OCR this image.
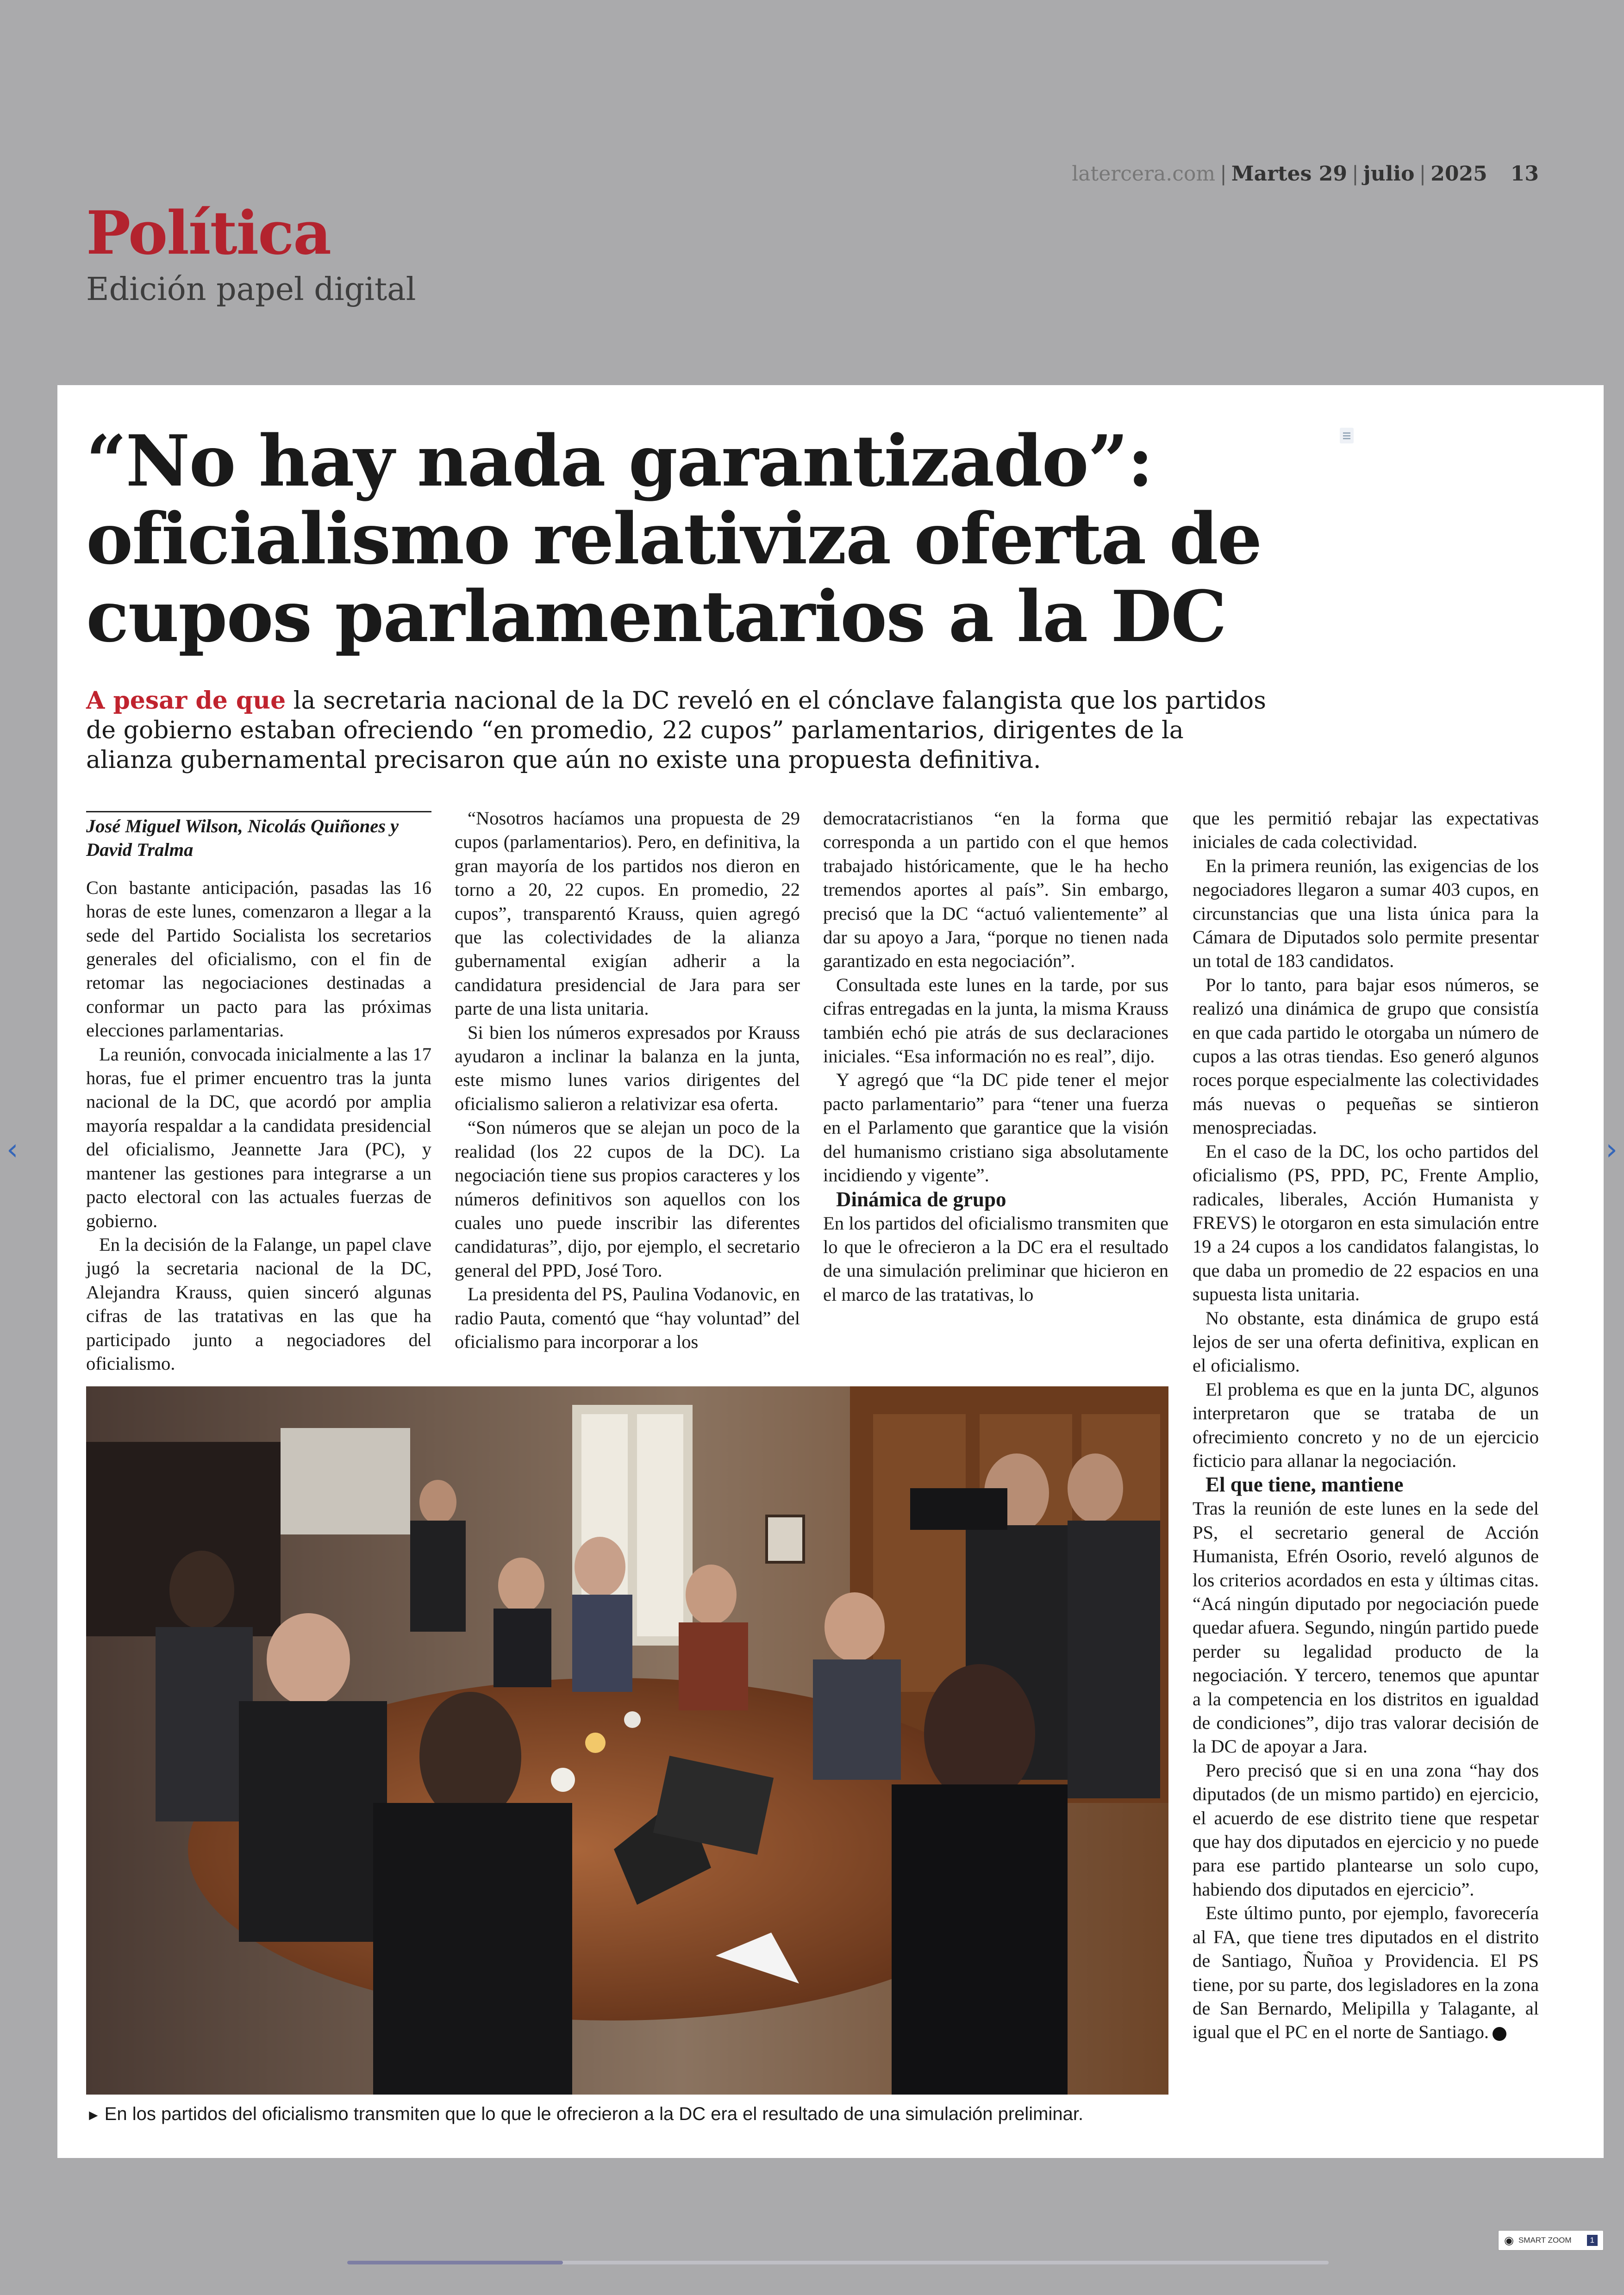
latercera.com | Martes 29 | julio | 2025 13
Política
Edición papel digital
“No hay nada garantizado”: oficialismo relativiza oferta de cupos parlamentarios a la DC

A pesar de que la secretaria nacional de la DC reveló en el cónclave falangista que los partidos de gobierno estaban ofreciendo “en promedio, 22 cupos” parlamentarios, dirigentes de la alianza gubernamental precisaron que aún no existe una propuesta definitiva.

José Miguel Wilson, Nicolás Quiñones y David Tralma

Con bastante anticipación, pasadas las 16 horas de este lunes, comenzaron a llegar a la sede del Partido Socialista los secretarios generales del oficialismo, con el fin de retomar las negociaciones destinadas a conformar un pacto para las próximas elecciones parlamentarias.

La reunión, convocada inicialmente a las 17 horas, fue el primer encuentro tras la junta nacional de la DC, que acordó por amplia mayoría respaldar a la candidata presidencial del oficialismo, Jeannette Jara (PC), y mantener las gestiones para integrarse a un pacto electoral con las actuales fuerzas de gobierno.

En la decisión de la Falange, un papel clave jugó la secretaria nacional de la DC, Alejandra Krauss, quien sinceró algunas cifras de las tratativas en las que ha participado junto a negociadores del oficialismo.

“Nosotros hacíamos una propuesta de 29 cupos (parlamentarios). Pero, en definitiva, la gran mayoría de los partidos nos dieron en torno a 20, 22 cupos. En promedio, 22 cupos”, transparentó Krauss, quien agregó que las colectividades de la alianza gubernamental exigían adherir a la candidatura presidencial de Jara para ser parte de una lista unitaria.

Si bien los números expresados por Krauss ayudaron a inclinar la balanza en la junta, este mismo lunes varios dirigentes del oficialismo salieron a relativizar esa oferta.

“Son números que se alejan un poco de la realidad (los 22 cupos de la DC). La negociación tiene sus propios caracteres y los números definitivos son aquellos con los cuales uno puede inscribir las diferentes candidaturas”, dijo, por ejemplo, el secretario general del PPD, José Toro.

La presidenta del PS, Paulina Vodanovic, en radio Pauta, comentó que “hay voluntad” del oficialismo para incorporar a los

democratacristianos “en la forma que corresponda a un partido con el que hemos trabajado históricamente, que le ha hecho tremendos aportes al país”. Sin embargo, precisó que la DC “actuó valientemente” al dar su apoyo a Jara, “porque no tienen nada garantizado en esta negociación”.

Consultada este lunes en la tarde, por sus cifras entregadas en la junta, la misma Krauss también echó pie atrás de sus declaraciones iniciales. “Esa información no es real”, dijo.

Y agregó que “la DC pide tener el mejor pacto parlamentario” para “tener una fuerza en el Parlamento que garantice que la visión del humanismo cristiano siga absolutamente incidiendo y vigente”.

Dinámica de grupo

En los partidos del oficialismo transmiten que lo que le ofrecieron a la DC era el resultado de una simulación preliminar que hicieron en el marco de las tratativas, lo

que les permitió rebajar las expectativas iniciales de cada colectividad.

En la primera reunión, las exigencias de los negociadores llegaron a sumar 403 cupos, en circunstancias que una lista única para la Cámara de Diputados solo permite presentar un total de 183 candidatos.

Por lo tanto, para bajar esos números, se realizó una dinámica de grupo que consistía en que cada partido le otorgaba un número de cupos a las otras tiendas. Eso generó algunos roces porque especialmente las colectividades más nuevas o pequeñas se sintieron menospreciadas.

En el caso de la DC, los ocho partidos del oficialismo (PS, PPD, PC, Frente Amplio, radicales, liberales, Acción Humanista y FREVS) le otorgaron en esta simulación entre 19 a 24 cupos a los candidatos falangistas, lo que daba un promedio de 22 espacios en una supuesta lista unitaria.

No obstante, esta dinámica de grupo está lejos de ser una oferta definitiva, explican en el oficialismo.

El problema es que en la junta DC, algunos interpretaron que se trataba de un ofrecimiento concreto y no de un ejercicio ficticio para allanar la negociación.

El que tiene, mantiene

Tras la reunión de este lunes en la sede del PS, el secretario general de Acción Humanista, Efrén Osorio, reveló algunos de los criterios acordados en esta y últimas citas. “Acá ningún diputado por negociación puede quedar afuera. Segundo, ningún partido puede perder su legalidad producto de la negociación. Y tercero, tenemos que apuntar a la competencia en los distritos en igualdad de condiciones”, dijo tras valorar decisión de la DC de apoyar a Jara.

Pero precisó que si en una zona “hay dos diputados (de un mismo partido) en ejercicio, el acuerdo de ese distrito tiene que respetar que hay dos diputados en ejercicio y no puede para ese partido plantearse un solo cupo, habiendo dos diputados en ejercicio”.

Este último punto, por ejemplo, favorecería al FA, que tiene tres diputados en el distrito de Santiago, Ñuñoa y Providencia. El PS tiene, por su parte, dos legisladores en la zona de San Bernardo, Melipilla y Talagante, al igual que el PC en el norte de Santiago.

► En los partidos del oficialismo transmiten que lo que le ofrecieron a la DC era el resultado de una simulación preliminar.
‹	›
◉ SMART ZOOM	1
